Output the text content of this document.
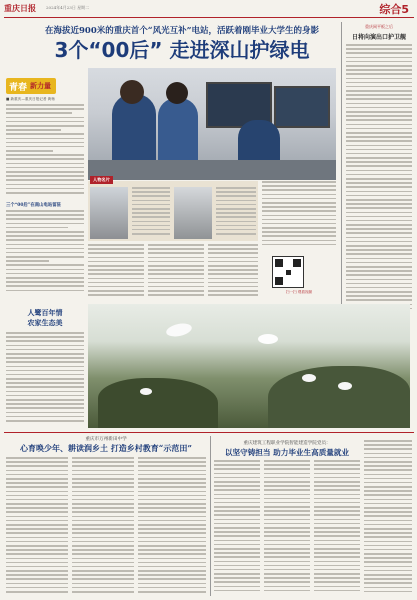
重庆日报	2024年4月23日 星期二	综合5
在海拔近900米的重庆首个“风光互补”电站，活跃着刚毕业大学生的身影
3个“00后” 走进深山护绿电
青春 新力量
■ 新重庆—重庆日报记者 黄杨
三个“00后”在南山电站留驻
人物名片
扫一扫 观看视频
重庆网平板之后
日将向演出口护卫舰
人鹭百年情
农家生态美
重庆市万州新田中学
心育唤少年、耕读润乡土 打造乡村教育“示范田”	重庆建筑工程职业学院智能建造学院党员：
以坚守铸担当 助力毕业生高质量就业
